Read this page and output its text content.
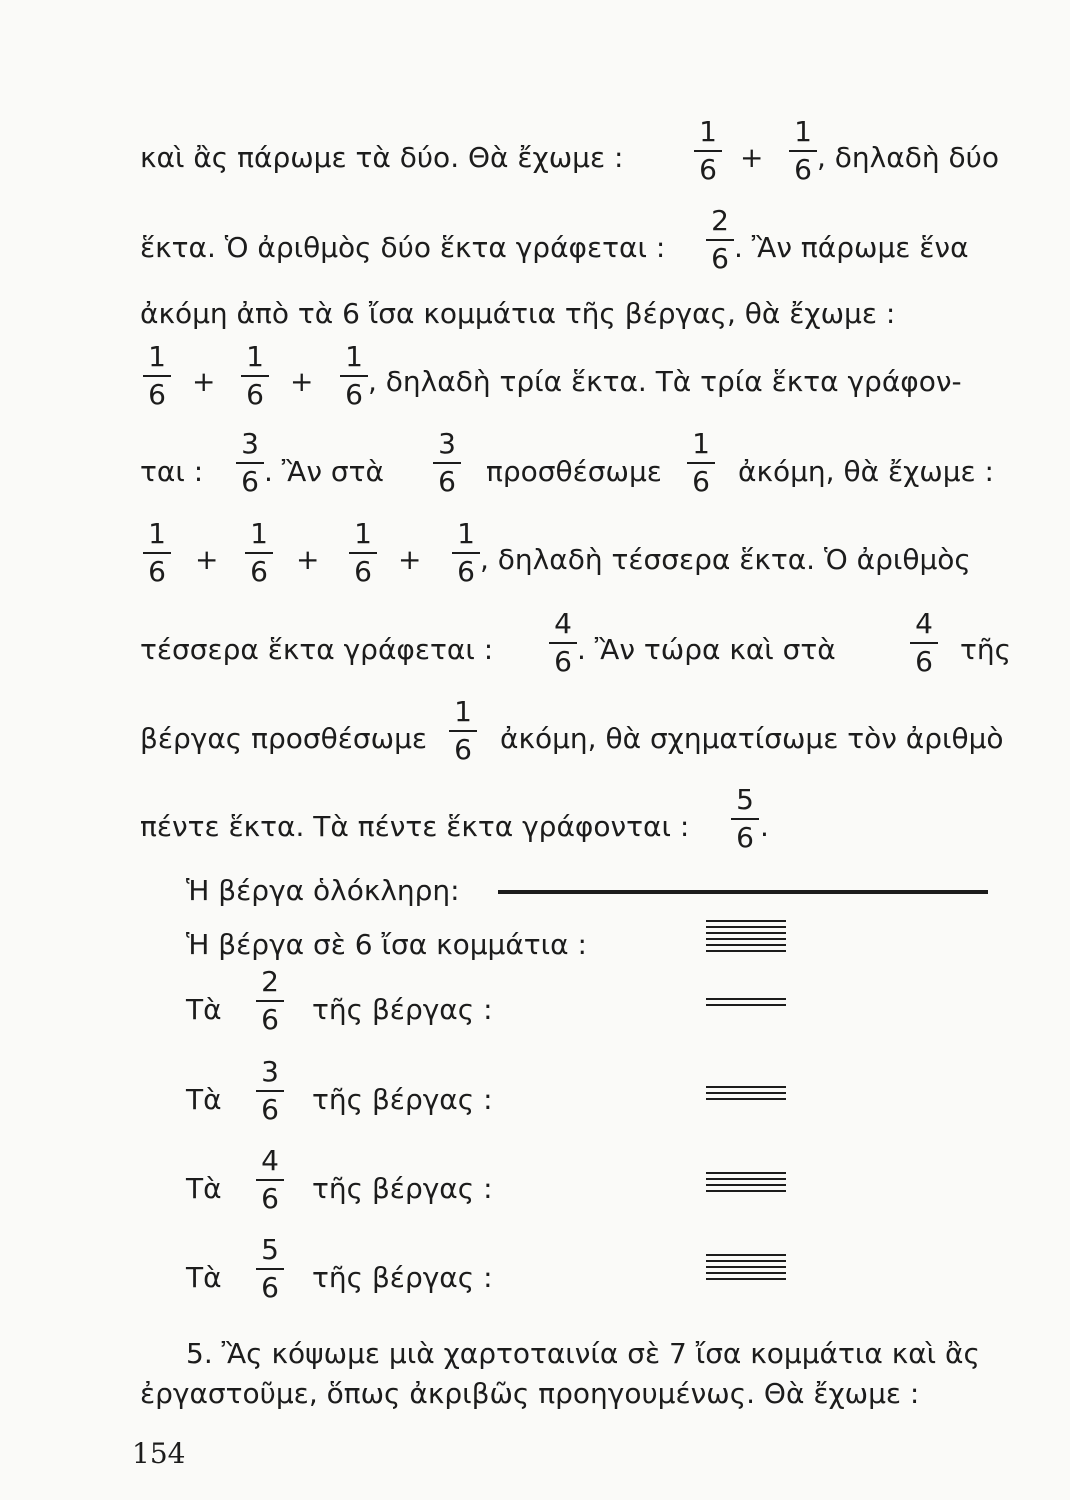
καὶ ἂς πάρωμε τὰ δύο. Θὰ ἔχωμε :
1
6 +
1
6 , δηλαδὴ δύο
ἕκτα. Ὁ ἀριθμὸς δύο ἕκτα γράφεται :
2
6 . Ἂν πάρωμε ἕνα
ἀκόμη ἀπὸ τὰ 6 ἴσα κομμάτια τῆς βέργας, θὰ ἔχωμε :
1
6 +
1
6 +
1
6 , δηλαδὴ τρία ἕκτα. Τὰ τρία ἕκτα γράφον-
ται :
3
6 . Ἂν στὰ
3
6 προσθέσωμε
1
6 ἀκόμη, θὰ ἔχωμε :
1
6 +
1
6 +
1
6 +
1
6 , δηλαδὴ τέσσερα ἕκτα. Ὁ ἀριθμὸς
τέσσερα ἕκτα γράφεται :
4
6 . Ἂν τώρα καὶ στὰ
4
6 τῆς
βέργας προσθέσωμε
1
6 ἀκόμη, θὰ σχηματίσωμε τὸν ἀριθμὸ
πέντε ἕκτα. Τὰ πέντε ἕκτα γράφονται :
5
6 .
Ἡ βέργα ὁλόκληρη:
Ἡ βέργα σὲ 6 ἴσα κομμάτια :
Τὰ
2
6 τῆς βέργας :
Τὰ
3
6 τῆς βέργας :
Τὰ
4
6 τῆς βέργας :
Τὰ
5
6 τῆς βέργας :
5. Ἂς κόψωμε μιὰ χαρτοταινία σὲ 7 ἴσα κομμάτια καὶ ἂς
ἐργαστοῦμε, ὅπως ἀκριβῶς προηγουμένως. Θὰ ἔχωμε :
154
